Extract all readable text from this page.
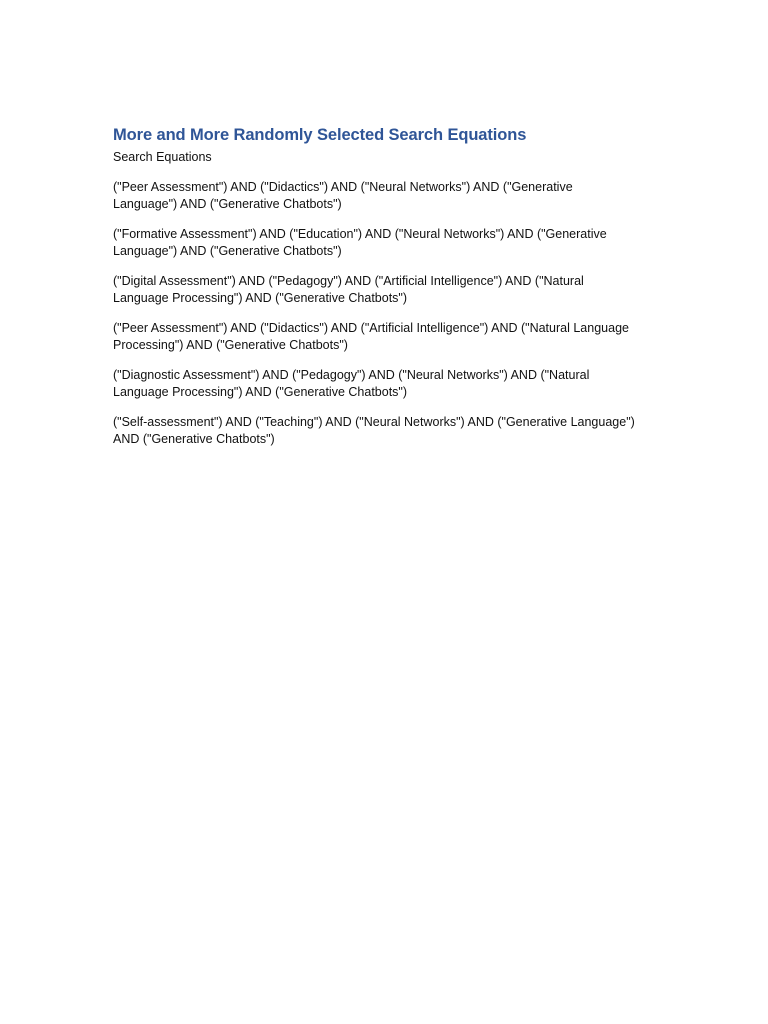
More and More Randomly Selected Search Equations
Search Equations
("Peer Assessment") AND ("Didactics") AND ("Neural Networks") AND ("Generative
Language") AND ("Generative Chatbots")
("Formative Assessment") AND ("Education") AND ("Neural Networks") AND ("Generative
Language") AND ("Generative Chatbots")
("Digital Assessment") AND ("Pedagogy") AND ("Artificial Intelligence") AND ("Natural
Language Processing") AND ("Generative Chatbots")
("Peer Assessment") AND ("Didactics") AND ("Artificial Intelligence") AND ("Natural Language
Processing") AND ("Generative Chatbots")
("Diagnostic Assessment") AND ("Pedagogy") AND ("Neural Networks") AND ("Natural
Language Processing") AND ("Generative Chatbots")
("Self-assessment") AND ("Teaching") AND ("Neural Networks") AND ("Generative Language")
AND ("Generative Chatbots")
